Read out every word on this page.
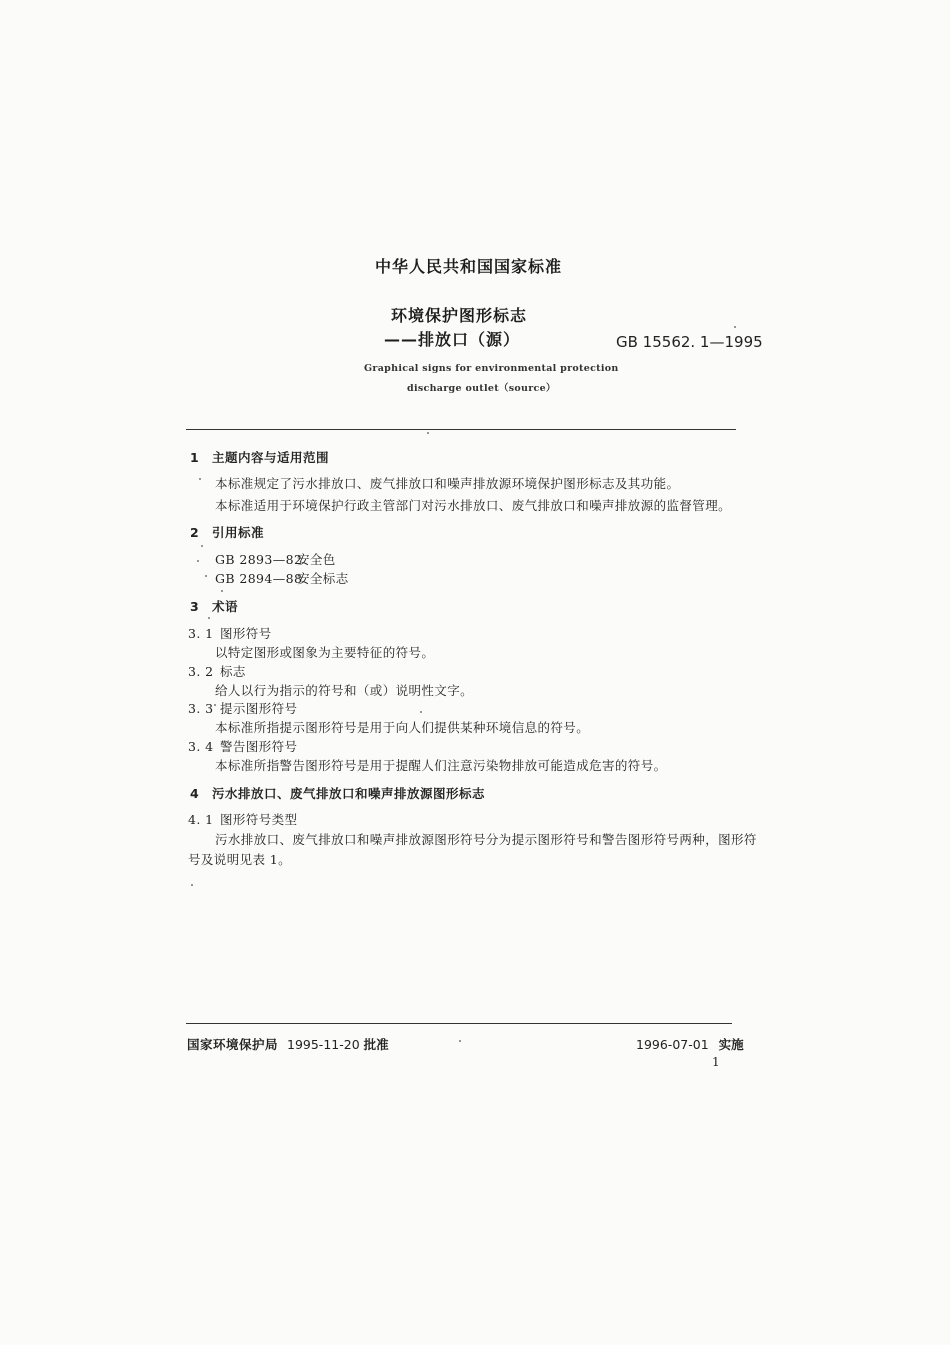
中华人民共和国国家标准
环境保护图形标志
——排放口（源）	GB 15562. 1—1995
Graphical signs for environmental protection
discharge outlet（source）
1 主题内容与适用范围
本标准规定了污水排放口、废气排放口和噪声排放源环境保护图形标志及其功能。
本标准适用于环境保护行政主管部门对污水排放口、废气排放口和噪声排放源的监督管理。
2 引用标准
GB 2893—82安全色
GB 2894—88安全标志
3 术语
3. 1 图形符号
以特定图形或图象为主要特征的符号。
3. 2 标志
给人以行为指示的符号和（或）说明性文字。
3. 3 提示图形符号
本标准所指提示图形符号是用于向人们提供某种环境信息的符号。
3. 4 警告图形符号
本标准所指警告图形符号是用于提醒人们注意污染物排放可能造成危害的符号。
4 污水排放口、废气排放口和噪声排放源图形标志
4. 1 图形符号类型
污水排放口、废气排放口和噪声排放源图形符号分为提示图形符号和警告图形符号两种，图形符
号及说明见表 1。
国家环境保护局 1995-11-20 批准	1996-07-01 实施
1
